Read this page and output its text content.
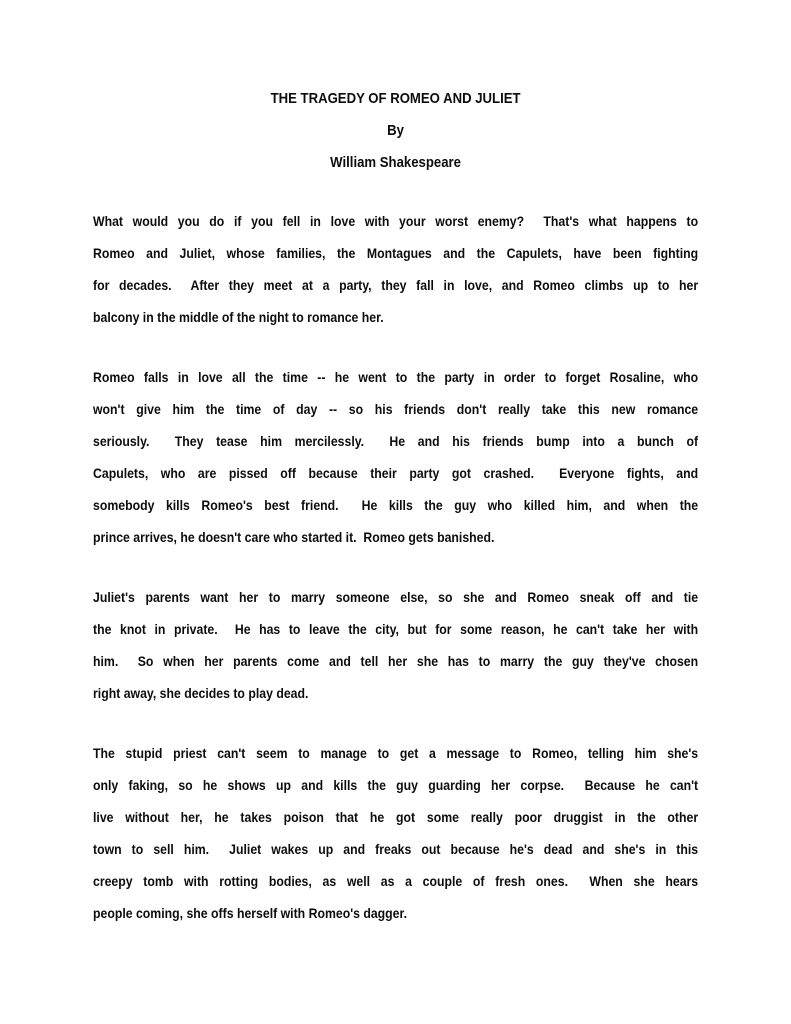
THE TRAGEDY OF ROMEO AND JULIET
By
William Shakespeare
What would you do if you fell in love with your worst enemy?  That's what happens to
Romeo and Juliet, whose families, the Montagues and the Capulets, have been fighting
for decades.  After they meet at a party, they fall in love, and Romeo climbs up to her
balcony in the middle of the night to romance her.
Romeo falls in love all the time -- he went to the party in order to forget Rosaline, who
won't give him the time of day -- so his friends don't really take this new romance
seriously.  They tease him mercilessly.  He and his friends bump into a bunch of
Capulets, who are pissed off because their party got crashed.  Everyone fights, and
somebody kills Romeo's best friend.  He kills the guy who killed him, and when the
prince arrives, he doesn't care who started it.  Romeo gets banished.
Juliet's parents want her to marry someone else, so she and Romeo sneak off and tie
the knot in private.  He has to leave the city, but for some reason, he can't take her with
him.  So when her parents come and tell her she has to marry the guy they've chosen
right away, she decides to play dead.
The stupid priest can't seem to manage to get a message to Romeo, telling him she's
only faking, so he shows up and kills the guy guarding her corpse.  Because he can't
live without her, he takes poison that he got some really poor druggist in the other
town to sell him.  Juliet wakes up and freaks out because he's dead and she's in this
creepy tomb with rotting bodies, as well as a couple of fresh ones.  When she hears
people coming, she offs herself with Romeo's dagger.
